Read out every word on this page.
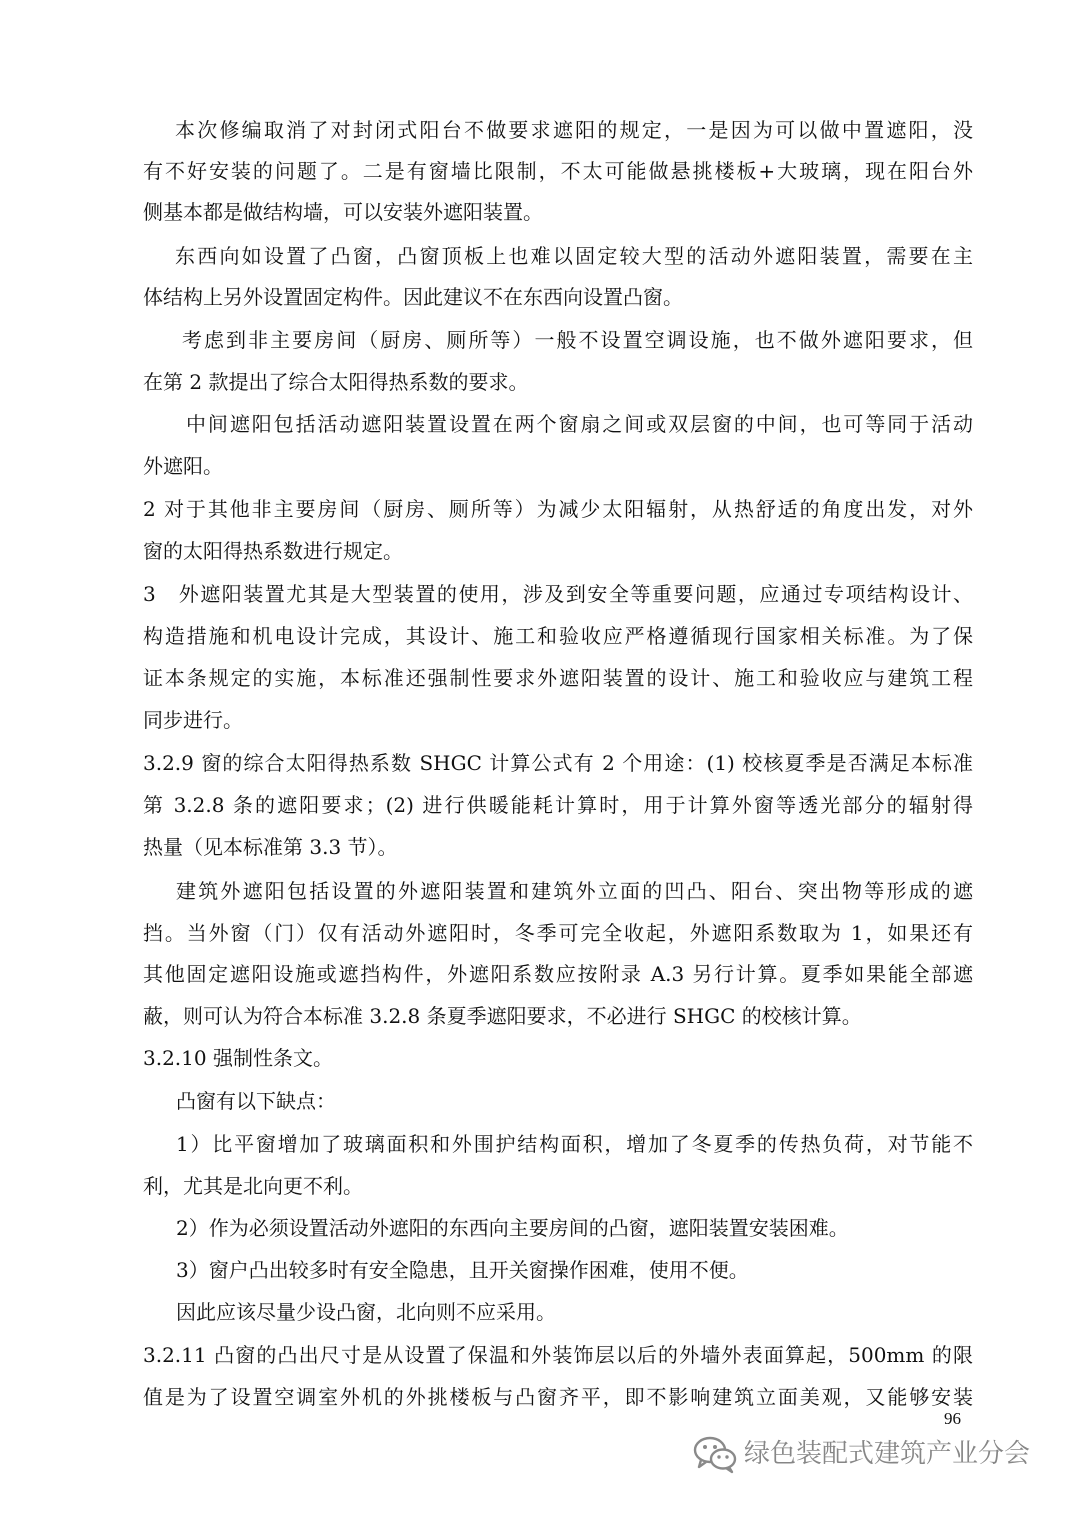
本次修编取消了对封闭式阳台不做要求遮阳的规定，一是因为可以做中置遮阳，没
有不好安装的问题了。二是有窗墙比限制，不太可能做悬挑楼板+大玻璃，现在阳台外
侧基本都是做结构墙，可以安装外遮阳装置。
东西向如设置了凸窗，凸窗顶板上也难以固定较大型的活动外遮阳装置，需要在主
体结构上另外设置固定构件。因此建议不在东西向设置凸窗。
考虑到非主要房间（厨房、厕所等）一般不设置空调设施，也不做外遮阳要求，但
在第 2 款提出了综合太阳得热系数的要求。
中间遮阳包括活动遮阳装置设置在两个窗扇之间或双层窗的中间，也可等同于活动
外遮阳。
2 对于其他非主要房间（厨房、厕所等）为减少太阳辐射，从热舒适的角度出发，对外
窗的太阳得热系数进行规定。
3　外遮阳装置尤其是大型装置的使用，涉及到安全等重要问题，应通过专项结构设计、
构造措施和机电设计完成，其设计、施工和验收应严格遵循现行国家相关标准。为了保
证本条规定的实施，本标准还强制性要求外遮阳装置的设计、施工和验收应与建筑工程
同步进行。
3.2.9 窗的综合太阳得热系数 SHGC 计算公式有 2 个用途：(1) 校核夏季是否满足本标准
第 3.2.8 条的遮阳要求；(2) 进行供暖能耗计算时，用于计算外窗等透光部分的辐射得
热量（见本标准第 3.3 节）。
建筑外遮阳包括设置的外遮阳装置和建筑外立面的凹凸、阳台、突出物等形成的遮
挡。当外窗（门）仅有活动外遮阳时，冬季可完全收起，外遮阳系数取为 1，如果还有
其他固定遮阳设施或遮挡构件，外遮阳系数应按附录 A.3 另行计算。夏季如果能全部遮
蔽，则可认为符合本标准 3.2.8 条夏季遮阳要求，不必进行 SHGC 的校核计算。
3.2.10 强制性条文。
凸窗有以下缺点：
1）比平窗增加了玻璃面积和外围护结构面积，增加了冬夏季的传热负荷，对节能不
利，尤其是北向更不利。
2）作为必须设置活动外遮阳的东西向主要房间的凸窗，遮阳装置安装困难。
3）窗户凸出较多时有安全隐患，且开关窗操作困难，使用不便。
因此应该尽量少设凸窗，北向则不应采用。
3.2.11 凸窗的凸出尺寸是从设置了保温和外装饰层以后的外墙外表面算起，500mm 的限
值是为了设置空调室外机的外挑楼板与凸窗齐平，即不影响建筑立面美观，又能够安装
96
绿色装配式建筑产业分会
